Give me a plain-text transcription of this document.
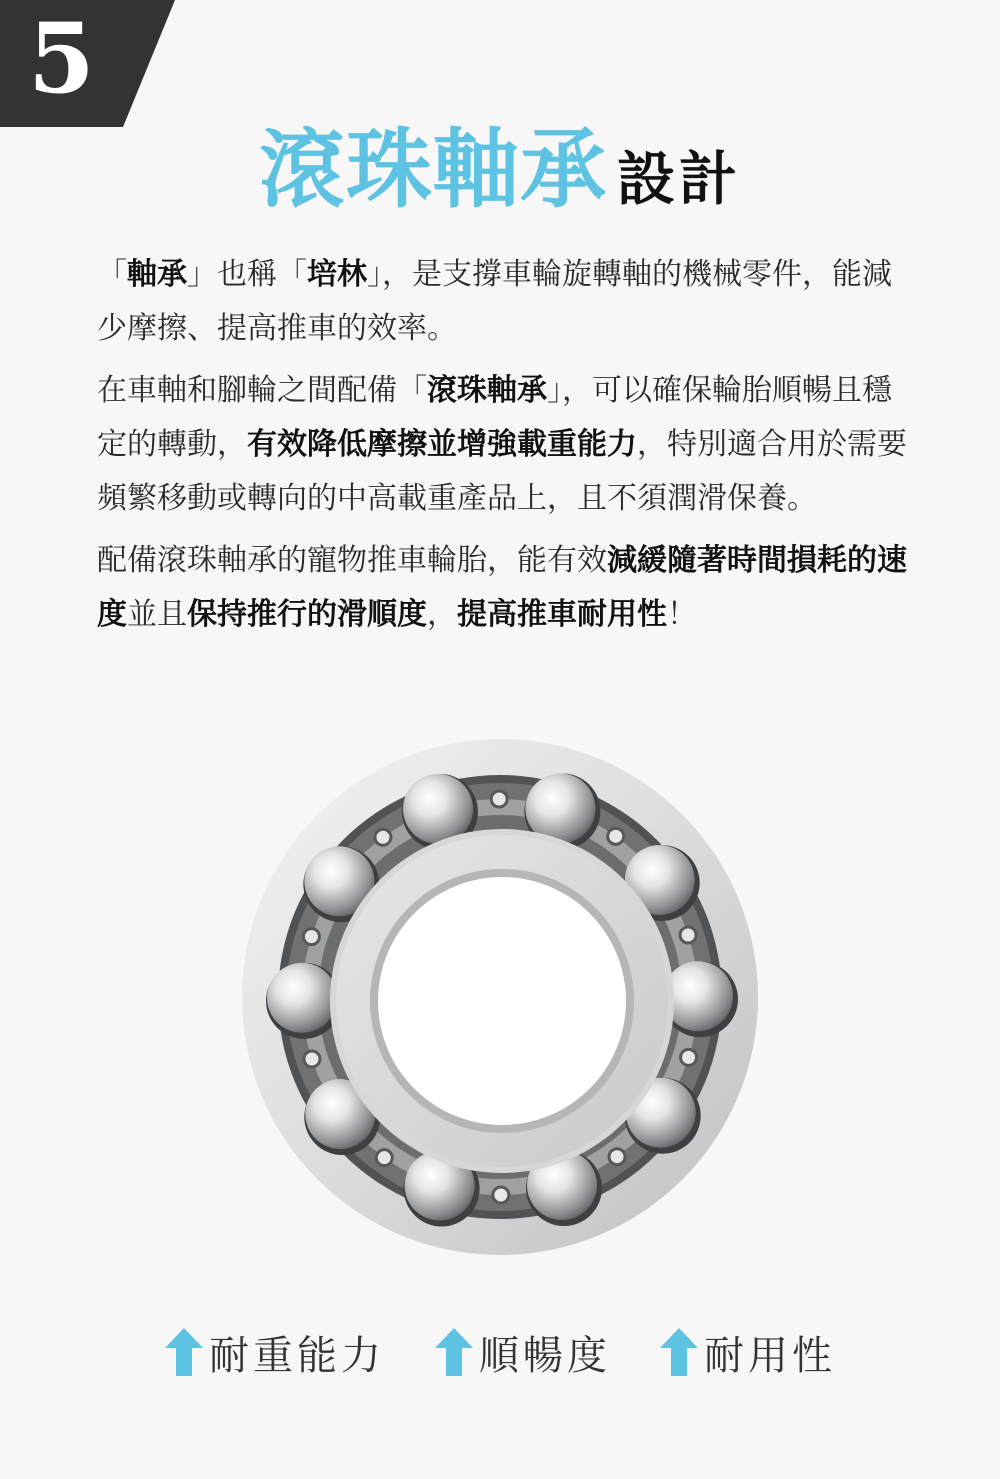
5
滾珠軸承 設計

「軸承」也稱「培林」，是支撐車輪旋轉軸的機械零件，能減少摩擦、提高推車的效率。

在車軸和腳輪之間配備「滾珠軸承」，可以確保輪胎順暢且穩定的轉動，有效降低摩擦並增強載重能力，特別適合用於需要頻繁移動或轉向的中高載重產品上，且不須潤滑保養。

配備滾珠軸承的寵物推車輪胎，能有效減緩隨著時間損耗的速度並且保持推行的滑順度，提高推車耐用性！

耐重能力 順暢度 耐用性
